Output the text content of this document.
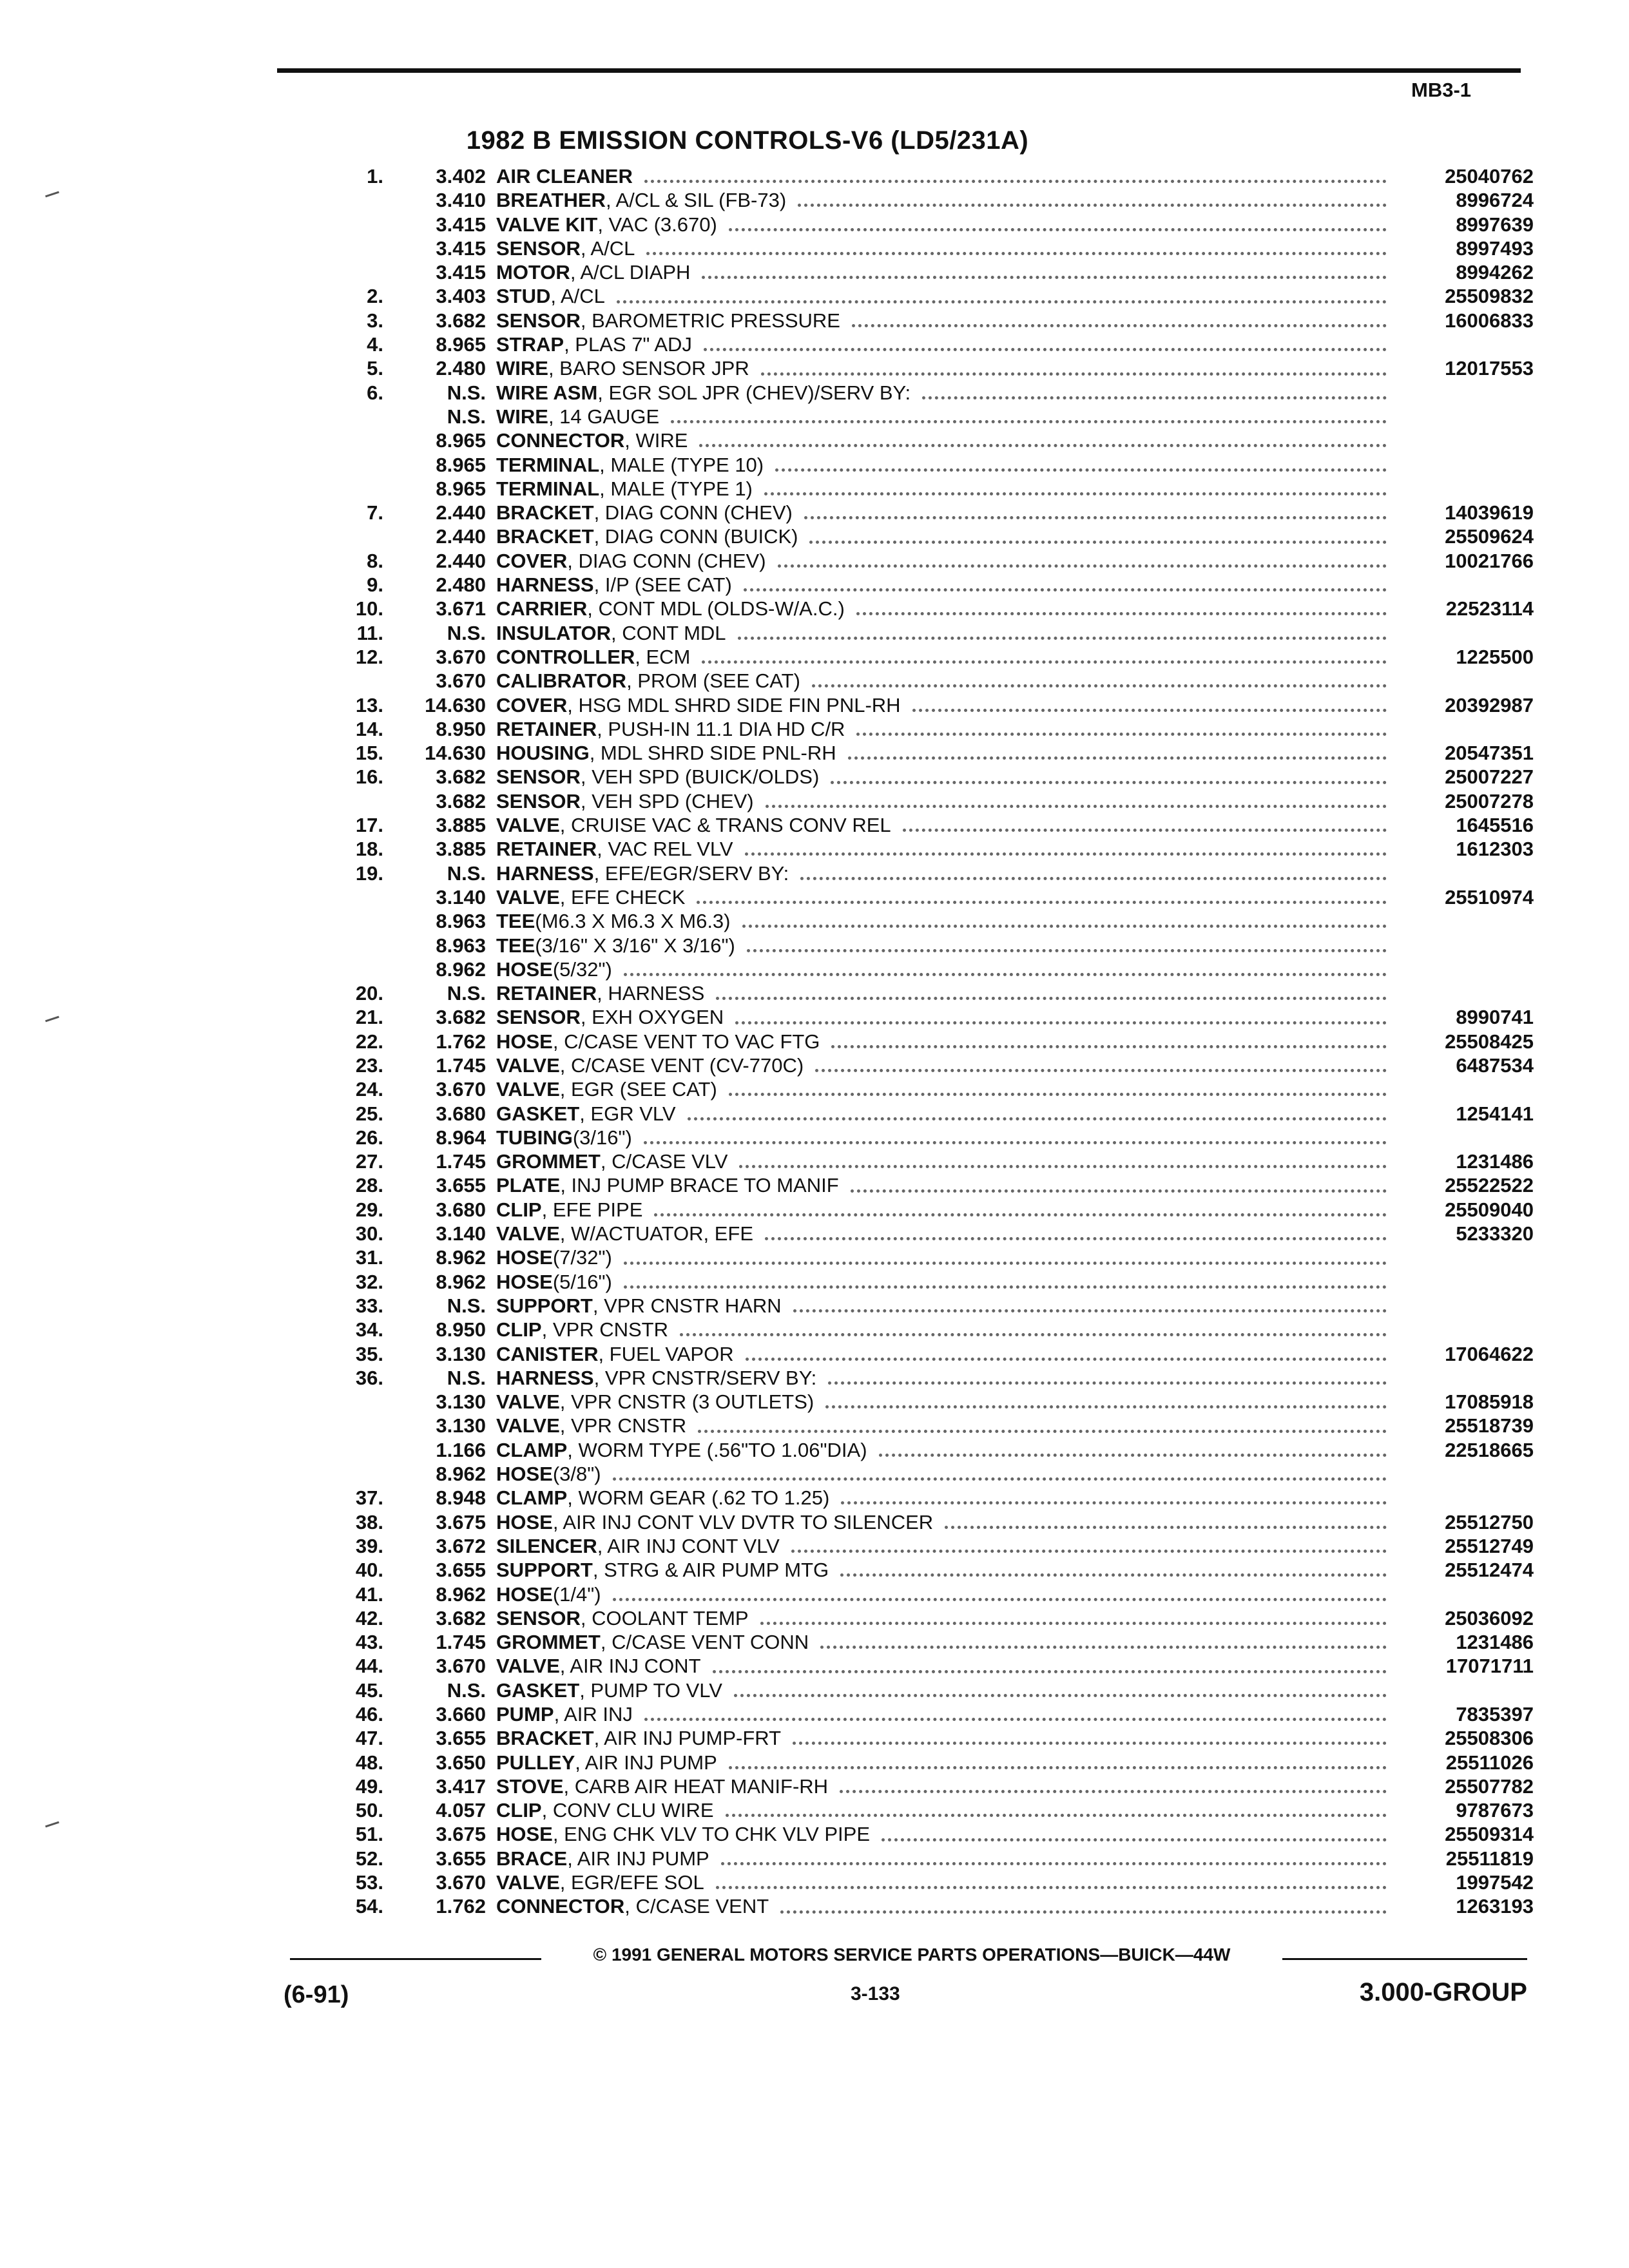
MB3-1
1982 B EMISSION CONTROLS-V6 (LD5/231A)
1.	3.402 AIR CLEANER	25040762
3.410 BREATHER , A/CL & SIL (FB-73)	8996724
3.415 VALVE KIT , VAC (3.670)	8997639
3.415 SENSOR , A/CL	8997493
3.415 MOTOR , A/CL DIAPH	8994262
2.	3.403 STUD , A/CL	25509832
3.	3.682 SENSOR , BAROMETRIC PRESSURE	16006833
4.	8.965 STRAP , PLAS 7" ADJ
5.	2.480 WIRE , BARO SENSOR JPR	12017553
6.	N.S. WIRE ASM , EGR SOL JPR (CHEV)/SERV BY:
N.S. WIRE , 14 GAUGE
8.965 CONNECTOR , WIRE
8.965 TERMINAL , MALE (TYPE 10)
8.965 TERMINAL , MALE (TYPE 1)
7.	2.440 BRACKET , DIAG CONN (CHEV)	14039619
2.440 BRACKET , DIAG CONN (BUICK)	25509624
8.	2.440 COVER , DIAG CONN (CHEV)	10021766
9.	2.480 HARNESS , I/P (SEE CAT)
10.	3.671 CARRIER , CONT MDL (OLDS-W/A.C.)	22523114
11.	N.S. INSULATOR , CONT MDL
12.	3.670 CONTROLLER , ECM	1225500
3.670 CALIBRATOR , PROM (SEE CAT)
13.	14.630 COVER , HSG MDL SHRD SIDE FIN PNL-RH	20392987
14.	8.950 RETAINER , PUSH-IN 11.1 DIA HD C/R
15.	14.630 HOUSING , MDL SHRD SIDE PNL-RH	20547351
16.	3.682 SENSOR , VEH SPD (BUICK/OLDS)	25007227
3.682 SENSOR , VEH SPD (CHEV)	25007278
17.	3.885 VALVE , CRUISE VAC & TRANS CONV REL	1645516
18.	3.885 RETAINER , VAC REL VLV	1612303
19.	N.S. HARNESS , EFE/EGR/SERV BY:
3.140 VALVE , EFE CHECK	25510974
8.963 TEE (M6.3 X M6.3 X M6.3)
8.963 TEE (3/16" X 3/16" X 3/16")
8.962 HOSE (5/32")
20.	N.S. RETAINER , HARNESS
21.	3.682 SENSOR , EXH OXYGEN	8990741
22.	1.762 HOSE , C/CASE VENT TO VAC FTG	25508425
23.	1.745 VALVE , C/CASE VENT (CV-770C)	6487534
24.	3.670 VALVE , EGR (SEE CAT)
25.	3.680 GASKET , EGR VLV	1254141
26.	8.964 TUBING (3/16")
27.	1.745 GROMMET , C/CASE VLV	1231486
28.	3.655 PLATE , INJ PUMP BRACE TO MANIF	25522522
29.	3.680 CLIP , EFE PIPE	25509040
30.	3.140 VALVE , W/ACTUATOR, EFE	5233320
31.	8.962 HOSE (7/32")
32.	8.962 HOSE (5/16")
33.	N.S. SUPPORT , VPR CNSTR HARN
34.	8.950 CLIP , VPR CNSTR
35.	3.130 CANISTER , FUEL VAPOR	17064622
36.	N.S. HARNESS , VPR CNSTR/SERV BY:
3.130 VALVE , VPR CNSTR (3 OUTLETS)	17085918
3.130 VALVE , VPR CNSTR	25518739
1.166 CLAMP , WORM TYPE (.56"TO 1.06"DIA)	22518665
8.962 HOSE (3/8")
37.	8.948 CLAMP , WORM GEAR (.62 TO 1.25)
38.	3.675 HOSE , AIR INJ CONT VLV DVTR TO SILENCER	25512750
39.	3.672 SILENCER , AIR INJ CONT VLV	25512749
40.	3.655 SUPPORT , STRG & AIR PUMP MTG	25512474
41.	8.962 HOSE (1/4")
42.	3.682 SENSOR , COOLANT TEMP	25036092
43.	1.745 GROMMET , C/CASE VENT CONN	1231486
44.	3.670 VALVE , AIR INJ CONT	17071711
45.	N.S. GASKET , PUMP TO VLV
46.	3.660 PUMP , AIR INJ	7835397
47.	3.655 BRACKET , AIR INJ PUMP-FRT	25508306
48.	3.650 PULLEY , AIR INJ PUMP	25511026
49.	3.417 STOVE , CARB AIR HEAT MANIF-RH	25507782
50.	4.057 CLIP , CONV CLU WIRE	9787673
51.	3.675 HOSE , ENG CHK VLV TO CHK VLV PIPE	25509314
52.	3.655 BRACE , AIR INJ PUMP	25511819
53.	3.670 VALVE , EGR/EFE SOL	1997542
54.	1.762 CONNECTOR , C/CASE VENT	1263193
© 1991 GENERAL MOTORS SERVICE PARTS OPERATIONS—BUICK—44W
(6-91)	3-133	3.000-GROUP
